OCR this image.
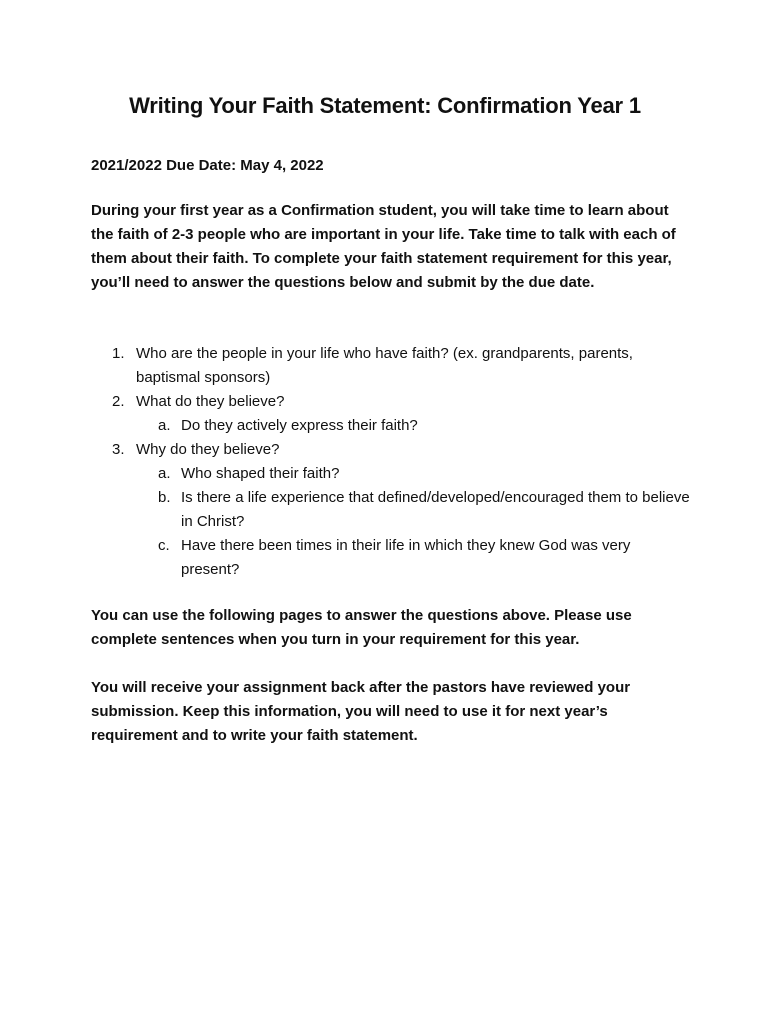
Writing Your Faith Statement: Confirmation Year 1
2021/2022 Due Date: May 4, 2022
During your first year as a Confirmation student, you will take time to learn about the faith of 2-3 people who are important in your life. Take time to talk with each of them about their faith. To complete your faith statement requirement for this year, you’ll need to answer the questions below and submit by the due date.
1. Who are the people in your life who have faith? (ex. grandparents, parents, baptismal sponsors)
2. What do they believe?
a. Do they actively express their faith?
3. Why do they believe?
a. Who shaped their faith?
b. Is there a life experience that defined/developed/encouraged them to believe in Christ?
c. Have there been times in their life in which they knew God was very present?
You can use the following pages to answer the questions above. Please use complete sentences when you turn in your requirement for this year.
You will receive your assignment back after the pastors have reviewed your submission. Keep this information, you will need to use it for next year’s requirement and to write your faith statement.
